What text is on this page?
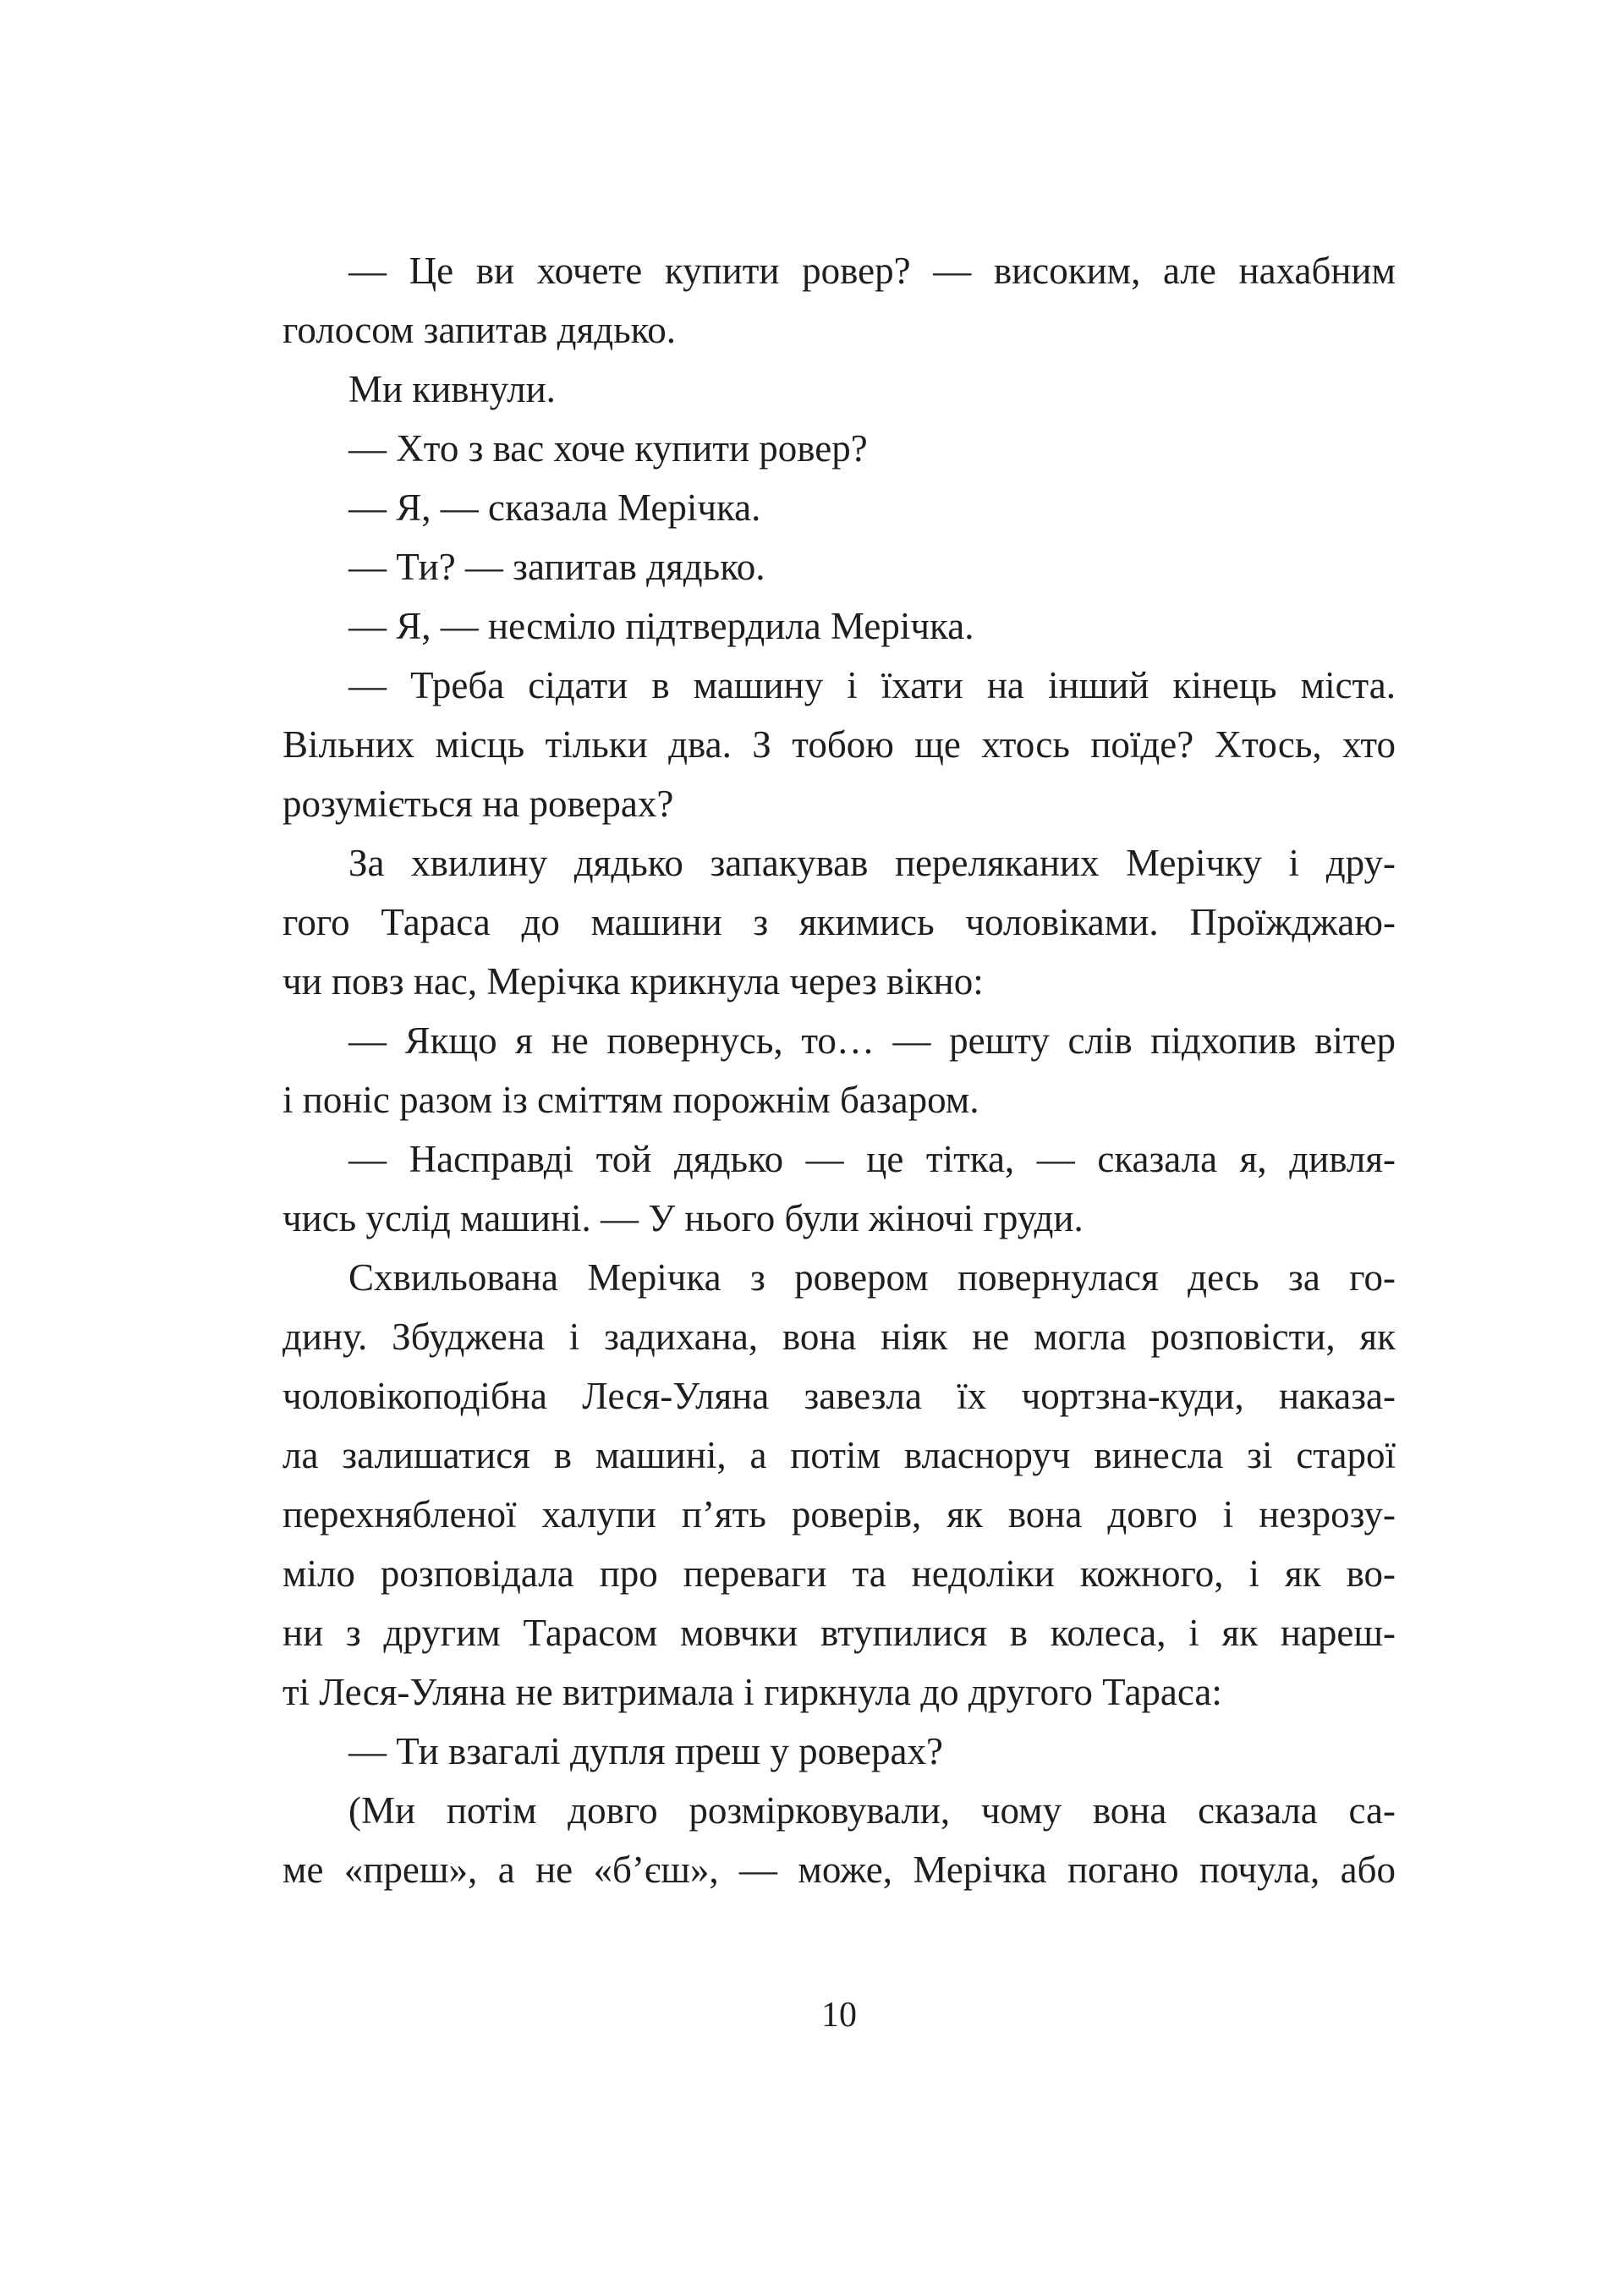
— Це ви хочете купити ровер? — високим, але нахабним
голосом запитав дядько.
Ми кивнули.
— Хто з вас хоче купити ровер?
— Я, — сказала Мерічка.
— Ти? — запитав дядько.
— Я, — несміло підтвердила Мерічка.
— Треба сідати в машину і їхати на інший кінець міста.
Вільних місць тільки два. З тобою ще хтось поїде? Хтось, хто
розуміється на роверах?
За хвилину дядько запакував переляканих Мерічку і дру-
гого Тараса до машини з якимись чоловіками. Проїжджаю-
чи повз нас, Мерічка крикнула через вікно:
— Якщо я не повернусь, то… — решту слів підхопив вітер
і поніс разом із сміттям порожнім базаром.
— Насправді той дядько — це тітка, — сказала я, дивля-
чись услід машині. — У нього були жіночі груди.
Схвильована Мерічка з ровером повернулася десь за го-
дину. Збуджена і задихана, вона ніяк не могла розповісти, як
чоловікоподібна Леся-Уляна завезла їх чортзна-куди, наказа-
ла залишатися в машині, а потім власноруч винесла зі старої
перехнябленої халупи п’ять роверів, як вона довго і незрозу-
міло розповідала про переваги та недоліки кожного, і як во-
ни з другим Тарасом мовчки втупилися в колеса, і як нареш-
ті Леся-Уляна не витримала і гиркнула до другого Тараса:
— Ти взагалі дупля преш у роверах?
(Ми потім довго розмірковували, чому вона сказала са-
ме «преш», а не «б’єш», — може, Мерічка погано почула, або
10
